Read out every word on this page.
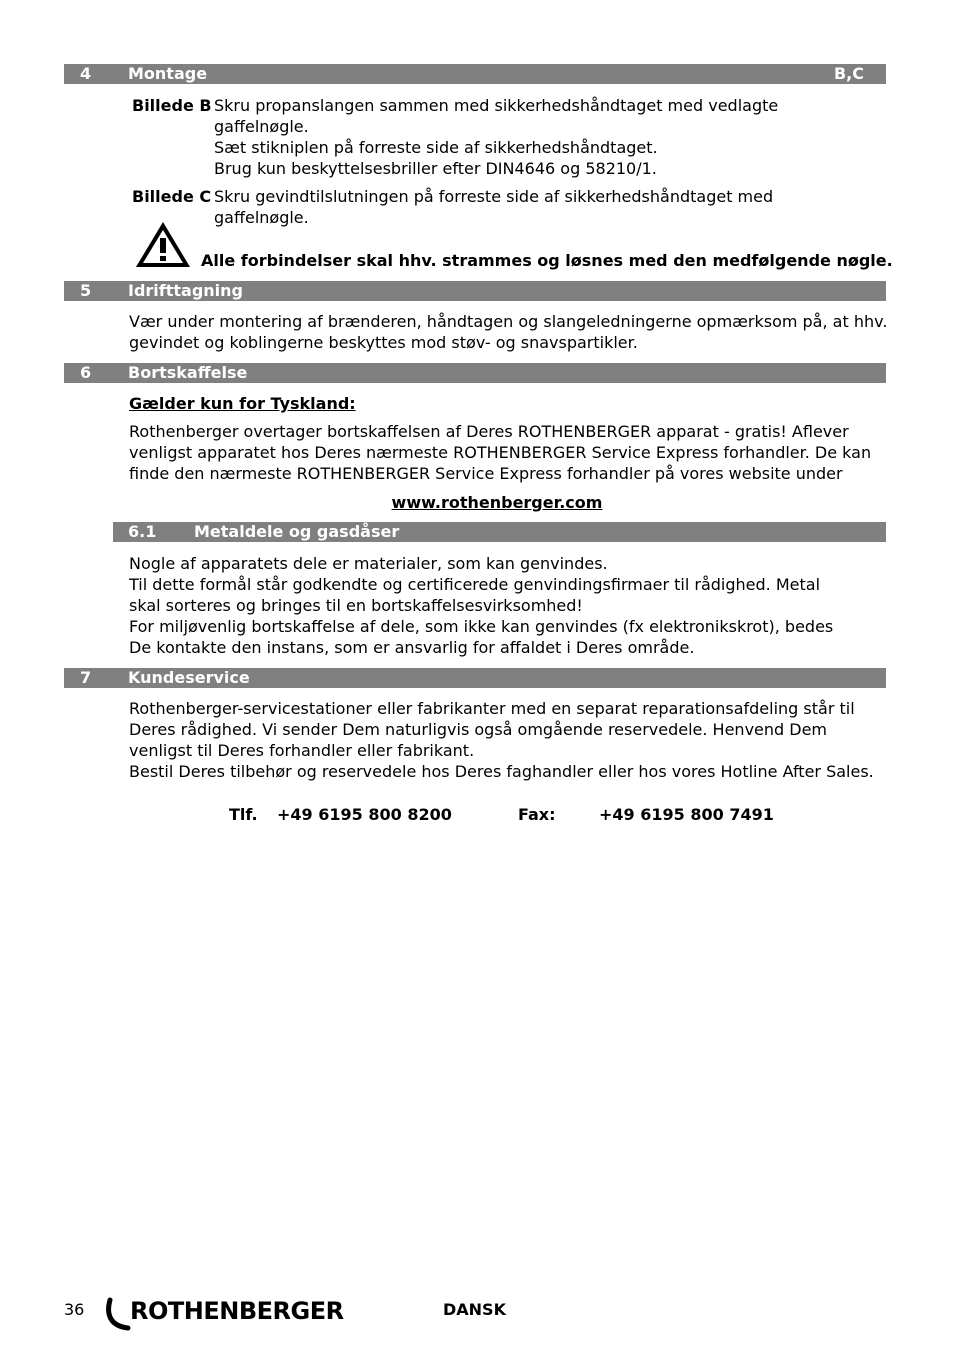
4 Montage	B,C
Billede B Skru propanslangen sammen med sikkerhedshåndtaget med vedlagte gaffelnøgle.

Sæt stikniplen på forreste side af sikkerhedshåndtaget.

Brug kun beskyttelsesbriller efter DIN4646 og 58210/1.

Billede C Skru gevindtilslutningen på forreste side af sikkerhedshåndtaget med gaffelnøgle.

Alle forbindelser skal hhv. strammes og løsnes med den medfølgende nøgle.
5 Idrifttagning

Vær under montering af brænderen, håndtagen og slangeledningerne opmærksom på, at hhv. gevindet og koblingerne beskyttes mod støv- og snavspartikler.

6 Bortskaffelse
Gælder kun for Tyskland:

Rothenberger overtager bortskaffelsen af Deres ROTHENBERGER apparat - gratis! Aflever venligst apparatet hos Deres nærmeste ROTHENBERGER Service Express forhandler. De kan finde den nærmeste ROTHENBERGER Service Express forhandler på vores website under

www.rothenberger.com
6.1 Metaldele og gasdåser

Nogle af apparatets dele er materialer, som kan genvindes.

Til dette formål står godkendte og certificerede genvindingsfirmaer til rådighed. Metal skal sorteres og bringes til en bortskaffelsesvirksomhed!

For miljøvenlig bortskaffelse af dele, som ikke kan genvindes (fx elektronikskrot), bedes De kontakte den instans, som er ansvarlig for affaldet i Deres område.

7 Kundeservice

Rothenberger-servicestationer eller fabrikanter med en separat reparationsafdeling står til Deres rådighed. Vi sender Dem naturligvis også omgående reservedele. Henvend Dem venligst til Deres forhandler eller fabrikant.

Bestil Deres tilbehør og reservedele hos Deres faghandler eller hos vores Hotline After Sales.

Tlf. +49 6195 800 8200	Fax:	+49 6195 800 7491
36 ROTHENBERGER	DANSK
